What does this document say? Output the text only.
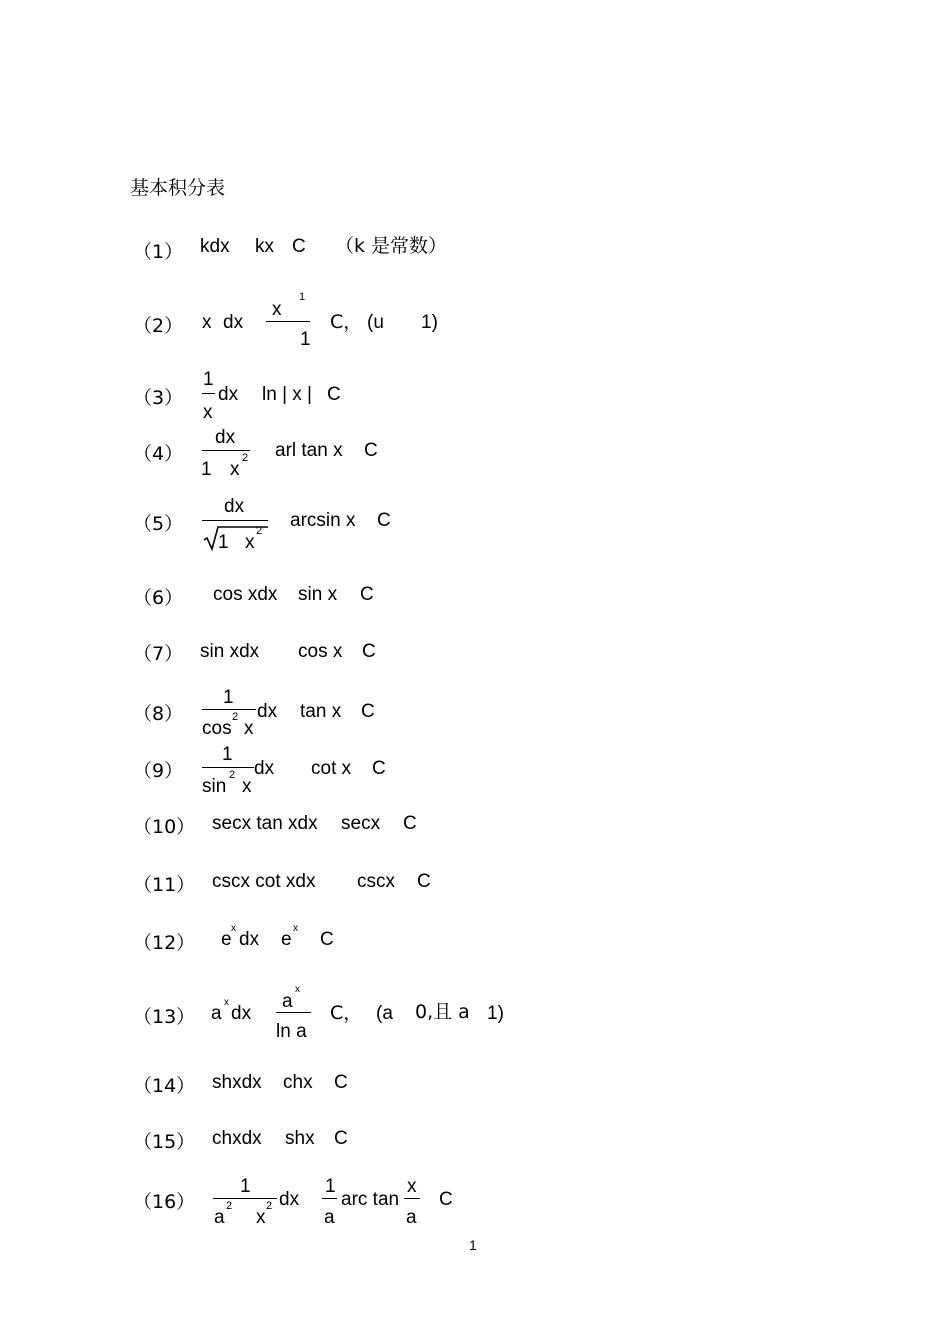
基本积分表
（1） kdx kx C （k 是常数）
（2） x dx
x
1
1
C， (u 1)
（3）
1
x
dx ln | x | C
（4）
dx
1 x
2 arl tan x C
（5）
dx
1 x
2 arcsin x C
（6） cos xdx sin x C
（7） sin xdx cos x C
（8）
1
cos
2
x
dx tan x C
（9）
1
sin
2
x
dx cot x C
（10） secx tan xdx secx C
（11） cscx cot xdx cscx C
（12） e
x
dx e
x
C
（13） a
x
dx
a
x
ln a
C， (a 0,且 a 1)
（14） shxdx chx C
（15） chxdx shx C
（16）
1
a
2
x
2 dx
1
a
arc tan
x
a
C
1
